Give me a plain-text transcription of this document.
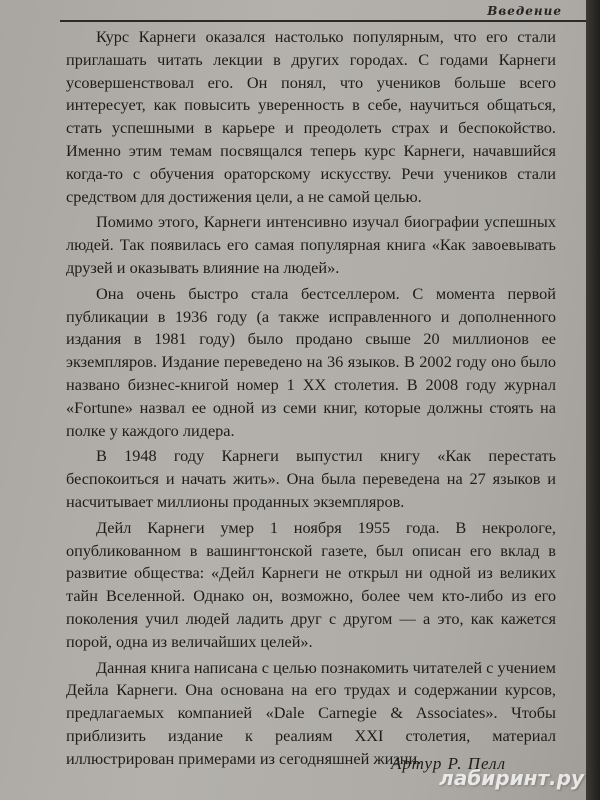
Введение

Курс Карнеги оказался настолько популярным, что его стали приглашать читать лекции в других городах. С годами Карнеги усовершенствовал его. Он понял, что учеников больше всего интересует, как повысить уверенность в себе, научиться общаться, стать успешными в карьере и преодолеть страх и беспокойство. Именно этим темам посвящался теперь курс Карнеги, начавшийся когда-то с обучения ораторскому искусству. Речи учеников стали средством для достижения цели, а не самой целью.

Помимо этого, Карнеги интенсивно изучал биографии успешных людей. Так появилась его самая популярная книга «Как завоевывать друзей и оказывать влияние на людей».

Она очень быстро стала бестселлером. С момента первой публикации в 1936 году (а также исправленного и дополненного издания в 1981 году) было продано свыше 20 миллионов ее экземпляров. Издание переведено на 36 языков. В 2002 году оно было названо бизнес-книгой номер 1 XX столетия. В 2008 году журнал «Fortune» назвал ее одной из семи книг, которые должны стоять на полке у каждого лидера.

В 1948 году Карнеги выпустил книгу «Как перестать беспокоиться и начать жить». Она была переведена на 27 языков и насчитывает миллионы проданных экземпляров.

Дейл Карнеги умер 1 ноября 1955 года. В некрологе, опубликованном в вашингтонской газете, был описан его вклад в развитие общества: «Дейл Карнеги не открыл ни одной из великих тайн Вселенной. Однако он, возможно, более чем кто-либо из его поколения учил людей ладить друг с другом — а это, как кажется порой, одна из величайших целей».

Данная книга написана с целью познакомить читателей с учением Дейла Карнеги. Она основана на его трудах и содержании курсов, предлагаемых компанией «Dale Carnegie & Associates». Чтобы приблизить издание к реалиям XXI столетия, материал иллюстрирован примерами из сегодняшней жизни.

Артур Р. Пелл
лабиринт.ру
